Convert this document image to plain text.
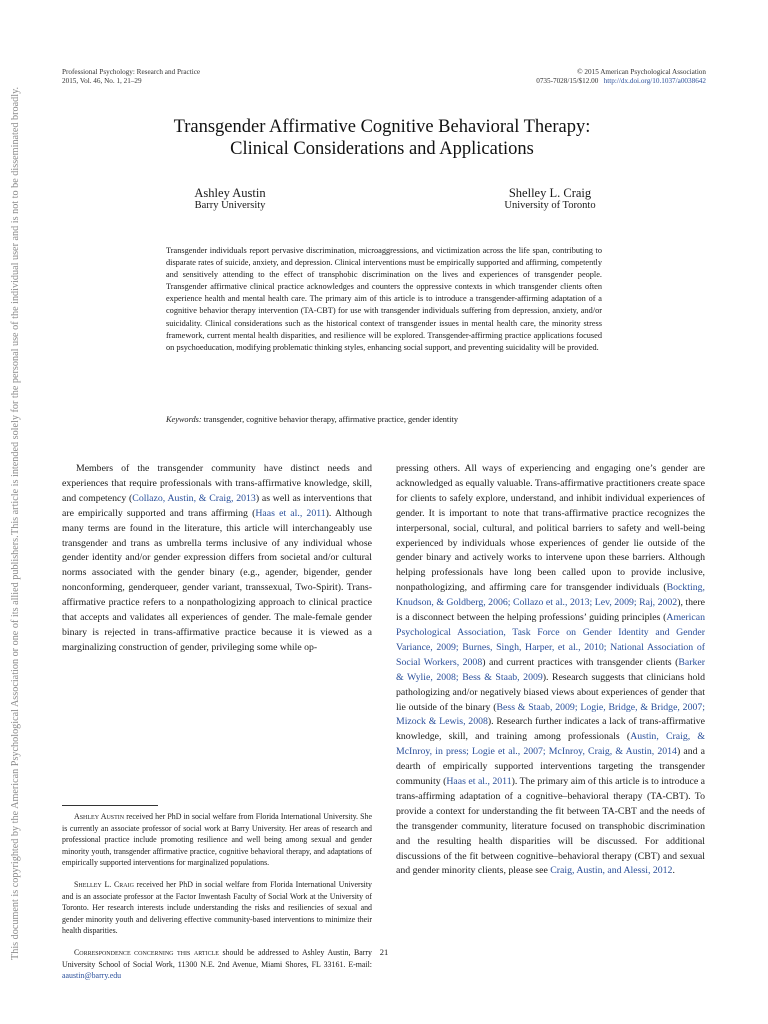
Professional Psychology: Research and Practice
2015, Vol. 46, No. 1, 21–29
© 2015 American Psychological Association
0735-7028/15/$12.00 http://dx.doi.org/10.1037/a0038642
Transgender Affirmative Cognitive Behavioral Therapy:
Clinical Considerations and Applications
Ashley Austin
Barry University
Shelley L. Craig
University of Toronto

Transgender individuals report pervasive discrimination, microaggressions, and victimization across the life span, contributing to disparate rates of suicide, anxiety, and depression. Clinical interventions must be empirically supported and affirming, competently and sensitively attending to the effect of transphobic discrimination on the lives and experiences of transgender people. Transgender affirmative clinical practice acknowledges and counters the oppressive contexts in which transgender clients often experience health and mental health care. The primary aim of this article is to introduce a transgender-affirming adaptation of a cognitive behavior therapy intervention (TA-CBT) for use with transgender individuals suffering from depression, anxiety, and/or suicidality. Clinical considerations such as the historical context of transgender issues in mental health care, the minority stress framework, current mental health disparities, and resilience will be explored. Transgender-affirming practice applications focused on psychoeducation, modifying problematic thinking styles, enhancing social support, and preventing suicidality will be provided.

Keywords: transgender, cognitive behavior therapy, affirmative practice, gender identity

Members of the transgender community have distinct needs and experiences that require professionals with trans-affirmative knowledge, skill, and competency (Collazo, Austin, & Craig, 2013) as well as interventions that are empirically supported and trans affirming (Haas et al., 2011). Although many terms are found in the literature, this article will interchangeably use transgender and trans as umbrella terms inclusive of any individual whose gender identity and/or gender expression differs from societal and/or cultural norms associated with the gender binary (e.g., agender, bigender, gender nonconforming, genderqueer, gender variant, transsexual, Two-Spirit). Trans-affirmative practice refers to a nonpathologizing approach to clinical practice that accepts and validates all experiences of gender. The male-female gender binary is rejected in trans-affirmative practice because it is viewed as a marginalizing construction of gender, privileging some while op-

pressing others. All ways of experiencing and engaging one’s gender are acknowledged as equally valuable. Trans-affirmative practitioners create space for clients to safely explore, understand, and inhibit individual experiences of gender. It is important to note that trans-affirmative practice recognizes the interpersonal, social, cultural, and political barriers to safety and well-being experienced by individuals whose experiences of gender lie outside of the gender binary and actively works to intervene upon these barriers. Although helping professionals have long been called upon to provide inclusive, nonpathologizing, and affirming care for transgender individuals (Bockting, Knudson, & Goldberg, 2006; Collazo et al., 2013; Lev, 2009; Raj, 2002), there is a disconnect between the helping professions’ guiding principles (American Psychological Association, Task Force on Gender Identity and Gender Variance, 2009; Burnes, Singh, Harper, et al., 2010; National Association of Social Workers, 2008) and current practices with transgender clients (Barker & Wylie, 2008; Bess & Staab, 2009). Research suggests that clinicians hold pathologizing and/or negatively biased views about experiences of gender that lie outside of the binary (Bess & Staab, 2009; Logie, Bridge, & Bridge, 2007; Mizock & Lewis, 2008). Research further indicates a lack of trans-affirmative knowledge, skill, and training among professionals (Austin, Craig, & McInroy, in press; Logie et al., 2007; McInroy, Craig, & Austin, 2014) and a dearth of empirically supported interventions targeting the transgender community (Haas et al., 2011). The primary aim of this article is to introduce a trans-affirming adaptation of a cognitive–behavioral therapy (TA-CBT). To provide a context for understanding the fit between TA-CBT and the needs of the transgender community, literature focused on transphobic discrimination and the resulting health disparities will be discussed. For additional discussions of the fit between cognitive–behavioral therapy (CBT) and sexual and gender minority clients, please see Craig, Austin, and Alessi, 2012.

Ashley Austin received her PhD in social welfare from Florida International University. She is currently an associate professor of social work at Barry University. Her areas of research and professional practice include promoting resilience and well being among sexual and gender minority youth, transgender affirmative practice, cognitive behavioral therapy, and adaptations of empirically supported interventions for marginalized populations.

Shelley L. Craig received her PhD in social welfare from Florida International University and is an associate professor at the Factor Inwentash Faculty of Social Work at the University of Toronto. Her research interests include understanding the risks and resiliencies of sexual and gender minority youth and delivering effective community-based interventions to minimize their health disparities.

Correspondence concerning this article should be addressed to Ashley Austin, Barry University School of Social Work, 11300 N.E. 2nd Avenue, Miami Shores, FL 33161. E-mail: aaustin@barry.edu

21
This document is copyrighted by the American Psychological Association or one of its allied publishers.
This article is intended solely for the personal use of the individual user and is not to be disseminated broadly.
